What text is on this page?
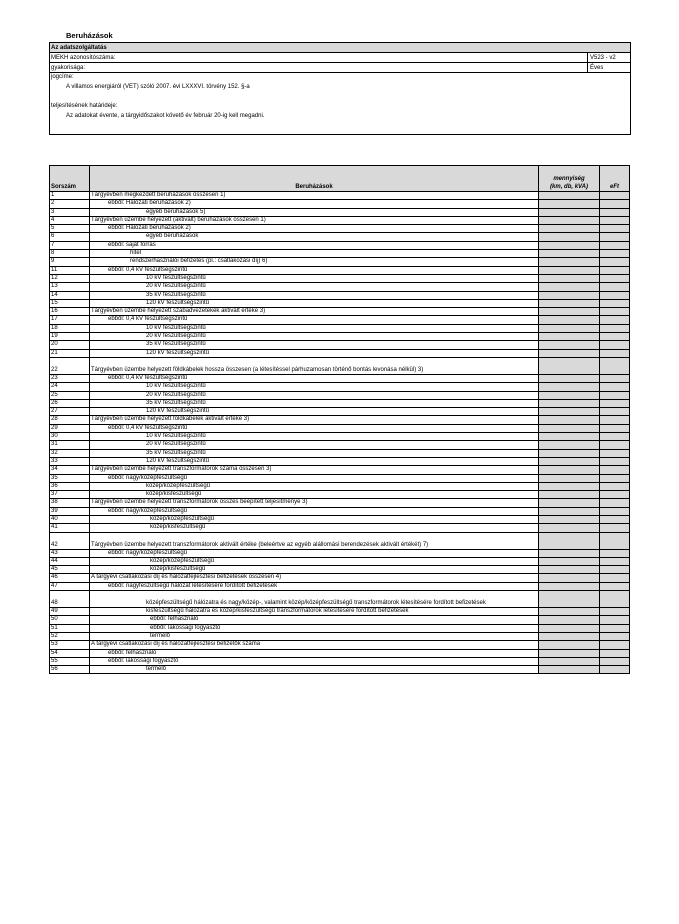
Beruházások
Az adatszolgáltatás
MEKH azonosítószáma:	V523 - v2
gyakorisága:	Éves
jogcíme:
A villamos energiáról (VET) szóló 2007. évi LXXXVI. törvény 152. §-a
teljesítésének határideje:
Az adatokat évente, a tárgyidőszakot követő év február 20-ig kell megadni.
Sorszám	Beruházások	mennyiség
(km, db, kVA)	eFt
1	Tárgyévben megkezdett beruházások összesen 1)		
2	ebből: Hálózati beruházások 2)		
3	egyéb beruházások 5)		
4	Tárgyévben üzembe helyezett (aktivált) beruházások összesen 1)		
5	ebből: Hálózati beruházások 2)		
6	egyéb beruházások		
7	ebből: saját forrás		
8	hitel		
9	rendszerhasználói befizetés (pl.: csatlakozási díj) 6)		
11	ebből: 0,4 kV feszültségszintű		
12	10 kV feszültségszintű		
13	20 kV feszültségszintű		
14	35 kV feszültségszintű		
15	120 kV feszültségszintű		
16	Tárgyévben üzembe helyezett szabadvezetékek aktivált értéke 3)		
17	ebből: 0,4 kV feszültségszintű		
18	10 kV feszültségszintű		
19	20 kV feszültségszintű		
20	35 kV feszültségszintű		
21	120 kV feszültségszintű		
22	Tárgyévben üzembe helyezett földkábelek hossza összesen (a létesítéssel párhuzamosan történő bontás levonása nélkül) 3)		
23	ebből: 0,4 kV feszültségszintű		
24	10 kV feszültségszintű		
25	20 kV feszültségszintű		
26	35 kV feszültségszintű		
27	120 kV feszültségszintű		
28	Tárgyévben üzembe helyezett földkábelek aktivált értéke 3)		
29	ebből: 0,4 kV feszültségszintű		
30	10 kV feszültségszintű		
31	20 kV feszültségszintű		
32	35 kV feszültségszintű		
33	120 kV feszültségszintű		
34	Tárgyévben üzembe helyezett transzformátorok száma összesen 3)		
35	ebből: nagy/középfeszültségű		
36	közép/középfeszültségű		
37	közép/kisfeszültségű		
38	Tárgyévben üzembe helyezett transzformátorok összes beépített teljesítménye 3)		
39	ebből: nagy/középfeszültségű		
40	közép/középfeszültségű		
41	közép/kisfeszültségű		
42	Tárgyévben üzembe helyezett transzformátorok aktivált értéke (beleértve az egyéb alállomási berendezések aktivált értékét) 7)		
43	ebből: nagy/középfeszültségű		
44	közép/középfeszültségű		
45	közép/kisfeszültségű		
46	A tárgyévi csatlakozási díj és hálózatfejlesztési befizetések összesen 4)		
47	ebből: nagyfeszültségű hálózat létesítésére fordított befizetések		
48	középfeszültségű hálózatra és nagy/közép-, valamint közép/középfeszültségű transzformátorok létesítésére fordított befizetések		
49	kisfeszültségű hálózatra és közép/kisfeszültségű transzformátorok létesítésére fordított befizetések		
50	ebből: felhasználó		
51	ebből: lakossági fogyasztó		
52	termelő		
53	A tárgyévi csatlakozási díj és hálózatfejlesztési befizetők száma		
54	ebből: felhasználó		
55	ebből: lakossági fogyasztó		
56	termelő		
